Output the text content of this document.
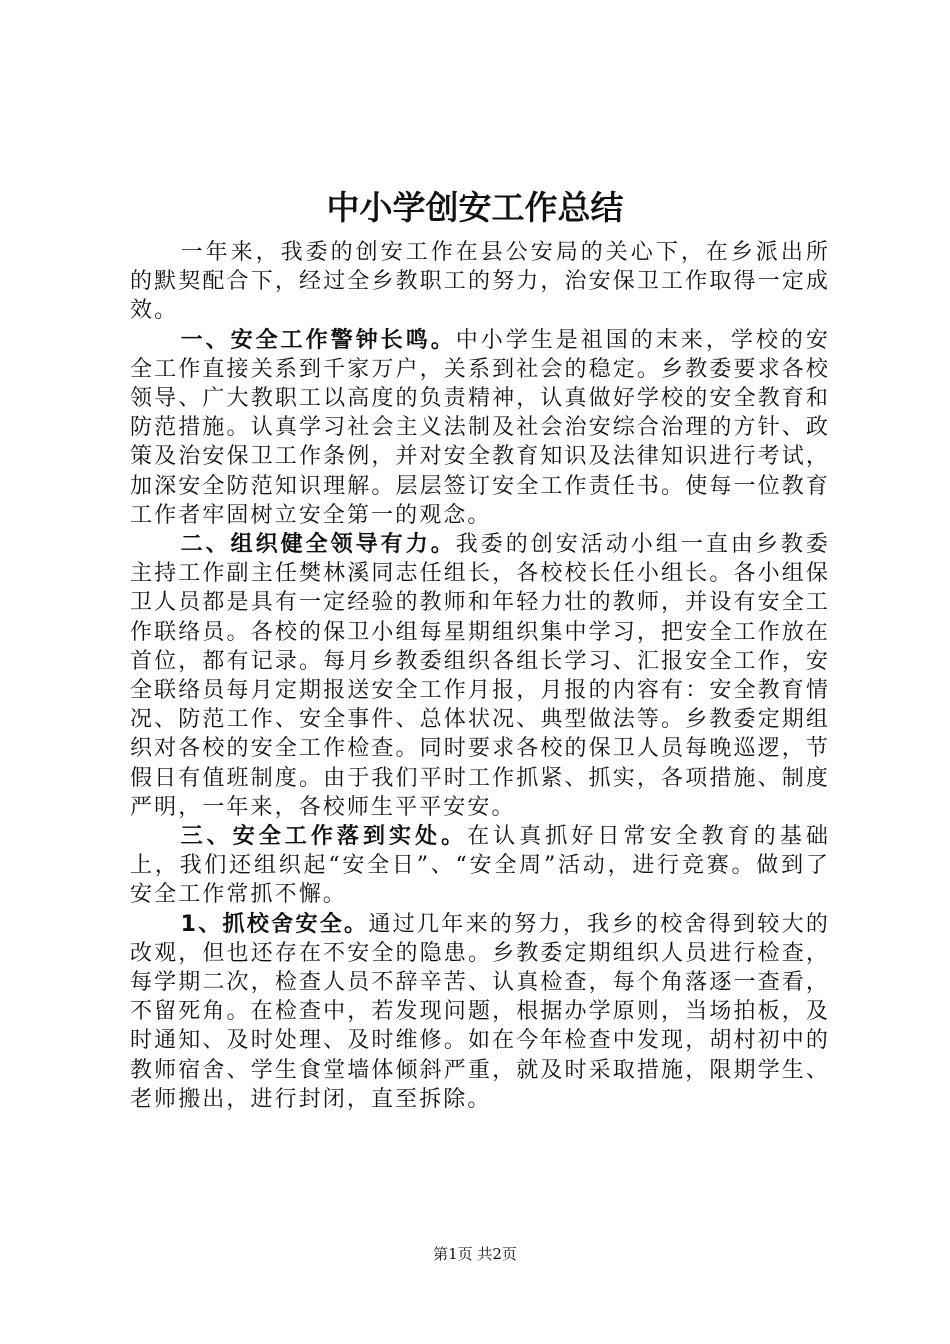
中小学创安工作总结

一年来，我委的创安工作在县公安局的关心下，在乡派出所的默契配合下，经过全乡教职工的努力，治安保卫工作取得一定成效。

一、安全工作警钟长鸣。中小学生是祖国的末来，学校的安全工作直接关系到千家万户，关系到社会的稳定。乡教委要求各校领导、广大教职工以高度的负责精神，认真做好学校的安全教育和防范措施。认真学习社会主义法制及社会治安综合治理的方针、政策及治安保卫工作条例，并对安全教育知识及法律知识进行考试，加深安全防范知识理解。层层签订安全工作责任书。使每一位教育工作者牢固树立安全第一的观念。

二、组织健全领导有力。我委的创安活动小组一直由乡教委主持工作副主任樊林溪同志任组长，各校校长任小组长。各小组保卫人员都是具有一定经验的教师和年轻力壮的教师，并设有安全工作联络员。各校的保卫小组每星期组织集中学习，把安全工作放在首位，都有记录。每月乡教委组织各组长学习、汇报安全工作，安全联络员每月定期报送安全工作月报，月报的内容有：安全教育情况、防范工作、安全事件、总体状况、典型做法等。乡教委定期组织对各校的安全工作检查。同时要求各校的保卫人员每晚巡逻，节假日有值班制度。由于我们平时工作抓紧、抓实，各项措施、制度严明，一年来，各校师生平平安安。

三、安全工作落到实处。在认真抓好日常安全教育的基础上，我们还组织起“安全日”、“安全周”活动，进行竞赛。做到了安全工作常抓不懈。

1、抓校舍安全。通过几年来的努力，我乡的校舍得到较大的改观，但也还存在不安全的隐患。乡教委定期组织人员进行检查，每学期二次，检查人员不辞辛苦、认真检查，每个角落逐一查看，不留死角。在检查中，若发现问题，根据办学原则，当场拍板，及时通知、及时处理、及时维修。如在今年检查中发现，胡村初中的教师宿舍、学生食堂墙体倾斜严重，就及时采取措施，限期学生、老师搬出，进行封闭，直至拆除。

第1页 共2页
